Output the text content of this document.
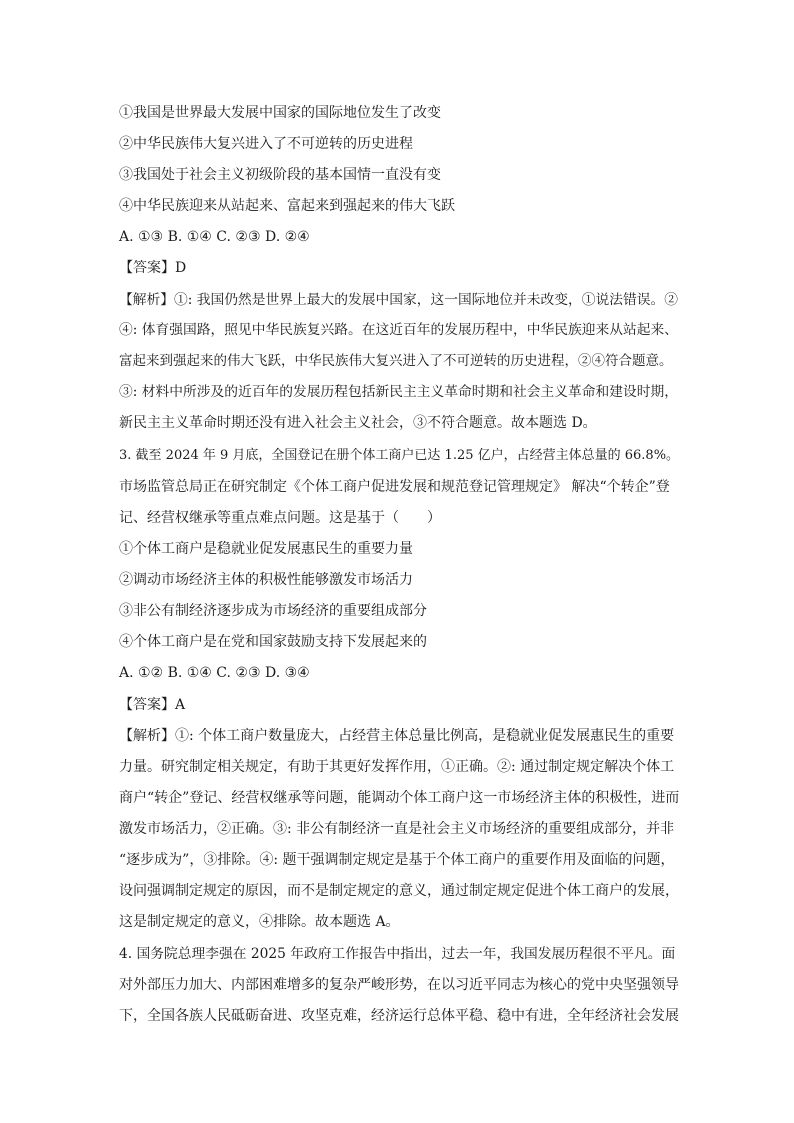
①我国是世界最大发展中国家的国际地位发生了改变
②中华民族伟大复兴进入了不可逆转的历史进程
③我国处于社会主义初级阶段的基本国情一直没有变
④中华民族迎来从站起来、富起来到强起来的伟大飞跃
A. ①③ B. ①④ C. ②③ D. ②④
【答案】D
【解析】①: 我国仍然是世界上最大的发展中国家，这一国际地位并未改变，①说法错误。②
④: 体育强国路，照见中华民族复兴路。在这近百年的发展历程中，中华民族迎来从站起来、
富起来到强起来的伟大飞跃，中华民族伟大复兴进入了不可逆转的历史进程，②④符合题意。
③: 材料中所涉及的近百年的发展历程包括新民主主义革命时期和社会主义革命和建设时期，
新民主主义革命时期还没有进入社会主义社会，③不符合题意。故本题选 D。
3. 截至 2024 年 9 月底，全国登记在册个体工商户已达 1.25 亿户，占经营主体总量的 66.8%。
市场监管总局正在研究制定《个体工商户促进发展和规范登记管理规定》 解决“个转企”登
记、经营权继承等重点难点问题。这是基于（　　）
①个体工商户是稳就业促发展惠民生的重要力量
②调动市场经济主体的积极性能够激发市场活力
③非公有制经济逐步成为市场经济的重要组成部分
④个体工商户是在党和国家鼓励支持下发展起来的
A. ①② B. ①④ C. ②③ D. ③④
【答案】A
【解析】①: 个体工商户数量庞大，占经营主体总量比例高，是稳就业促发展惠民生的重要
力量。研究制定相关规定，有助于其更好发挥作用，①正确。②: 通过制定规定解决个体工
商户“转企”登记、经营权继承等问题，能调动个体工商户这一市场经济主体的积极性，进而
激发市场活力，②正确。③: 非公有制经济一直是社会主义市场经济的重要组成部分，并非
“逐步成为”，③排除。④: 题干强调制定规定是基于个体工商户的重要作用及面临的问题，
设问强调制定规定的原因，而不是制定规定的意义，通过制定规定促进个体工商户的发展，
这是制定规定的意义，④排除。故本题选 A。
4. 国务院总理李强在 2025 年政府工作报告中指出，过去一年，我国发展历程很不平凡。面
对外部压力加大、内部困难增多的复杂严峻形势，在以习近平同志为核心的党中央坚强领导
下，全国各族人民砥砺奋进、攻坚克难，经济运行总体平稳、稳中有进，全年经济社会发展
